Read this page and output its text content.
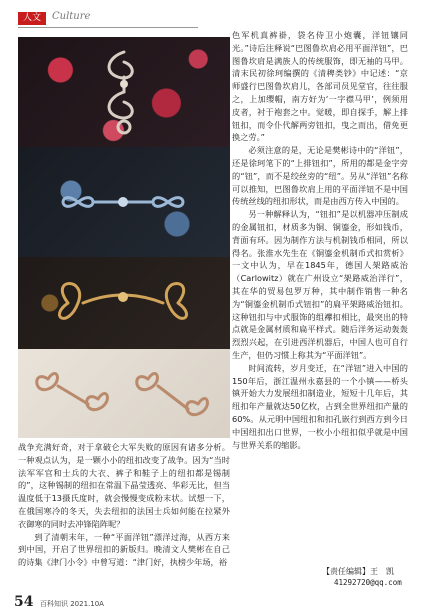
人文	Culture

色军机真裤褂，袋名侍卫小炮囊，洋钮镶同光。”诗后注释说“巴图鲁坎肩必用平面洋钮”，巴图鲁坎肩是满族人的传统服饰，即无袖的马甲。清末民初徐珂编撰的《清稗类钞》中记述：“京师盛行巴图鲁坎肩儿，各部司员见堂官，往往服之，上加缨帽，南方好为‘一字襟马甲’，例须用皮者，衬于袍套之中。觉暖，即自探手，解上排钮扣，而令仆代解两旁钮扣，曳之而出，借免更换之劳。”

必须注意的是，无论是樊彬诗中的“洋钮”，还是徐珂笔下的“上排钮扣”，所用的都是金字旁的“钮”，而不是绞丝旁的“纽”。另从“洋钮”名称可以推知，巴图鲁坎肩上用的平面洋钮不是中国传统丝线的纽扣形状，而是由西方传入中国的。

另一种解释认为，“钮扣”是以机器冲压制成的金属钮扣，材质多为铜、铜鎏金，形如钱币，背面有环。因为制作方法与机制钱币相同，所以得名。张淮水先生在《铜鎏金机制币式扣赏析》一文中认为，早在1845年，德国人架路威治（Carlowitz）就在广州设立“架路威治洋行”，其在华的贸易包罗万种，其中制作销售一种名为“铜鎏金机制币式钮扣”的扁平架路威治钮扣。这种钮扣与中式服饰的组襻扣相比，最突出的特点就是金属材质和扁平样式。随后洋务运动轰轰烈烈兴起，在引进西洋机器后，中国人也可自行生产，但仍习惯上称其为“平面洋钮”。

时间流转，岁月变迁，在“洋钮”进入中国的150年后，浙江温州永嘉县的一个小镇——桥头镇开始大力发展纽扣制造业，短短十几年后，其纽扣年产量就达50亿枚，占到全世界纽扣产量的60%。从元明中国纽扣和扣孔嵌行到西方到今日中国纽扣出口世界，一枚小小纽扣似乎就是中国与世界关系的缩影。

战争充满好奇，对于拿破仑大军失败的原因有诸多分析。一种观点认为，是一颗小小的纽扣改变了战争。因为“当时法军军官和士兵的大衣、裤子和鞋子上的纽扣都是锡制的”，这种锡制的纽扣在常温下晶莹透亮、华彩无比，但当温度低于13摄氏度时，就会慢慢变成粉末状。试想一下，在俄国寒冷的冬天，失去纽扣的法国士兵如何能在拉紧外衣御寒的同时去冲锋陷阵呢？

到了清朝末年，一种“平面洋钮”漂洋过海，从西方来到中国，开启了世界纽扣的新版归。晚清文人樊彬在自己的诗集《津门小令》中曾写道：“津门好，执榜少年场，裕

【责任编辑】王　凯
41292720@qq.com
54 百科知识 2021.10A
